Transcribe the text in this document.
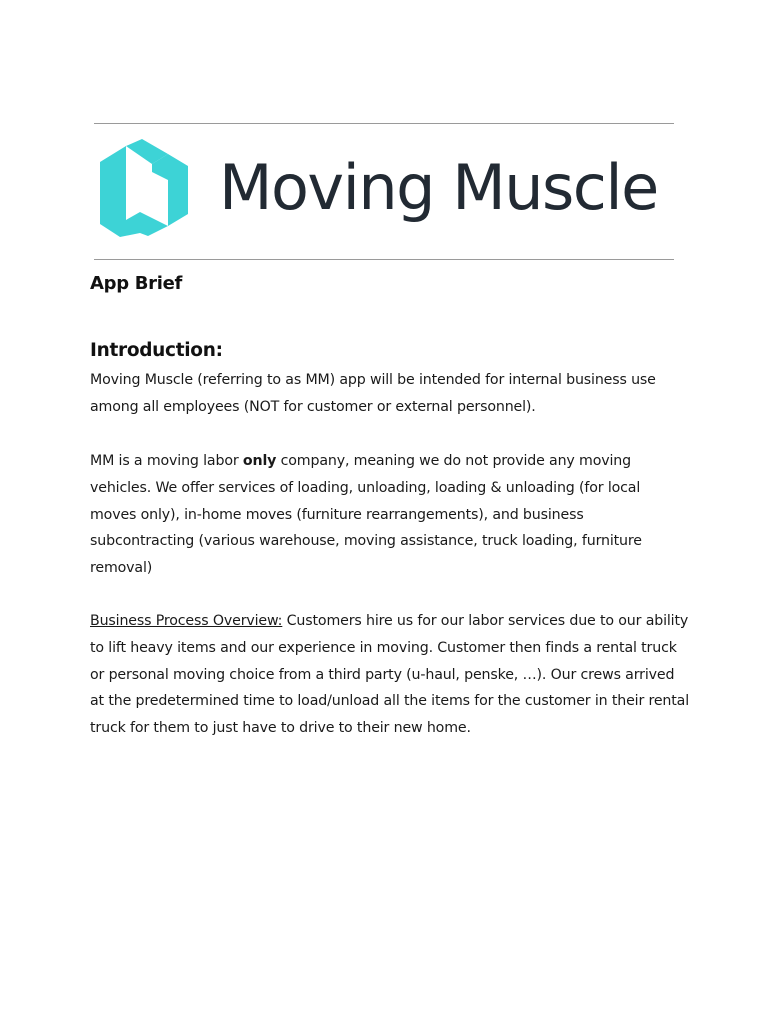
Moving Muscle
App Brief
Introduction:

Moving Muscle (referring to as MM) app will be intended for internal business use among all employees (NOT for customer or external personnel).

MM is a moving labor only company, meaning we do not provide any moving vehicles. We offer services of loading, unloading, loading & unloading (for local moves only), in-home moves (furniture rearrangements), and business subcontracting (various warehouse, moving assistance, truck loading, furniture removal)

Business Process Overview: Customers hire us for our labor services due to our ability to lift heavy items and our experience in moving. Customer then finds a rental truck or personal moving choice from a third party (u-haul, penske, …). Our crews arrived at the predetermined time to load/unload all the items for the customer in their rental truck for them to just have to drive to their new home.
